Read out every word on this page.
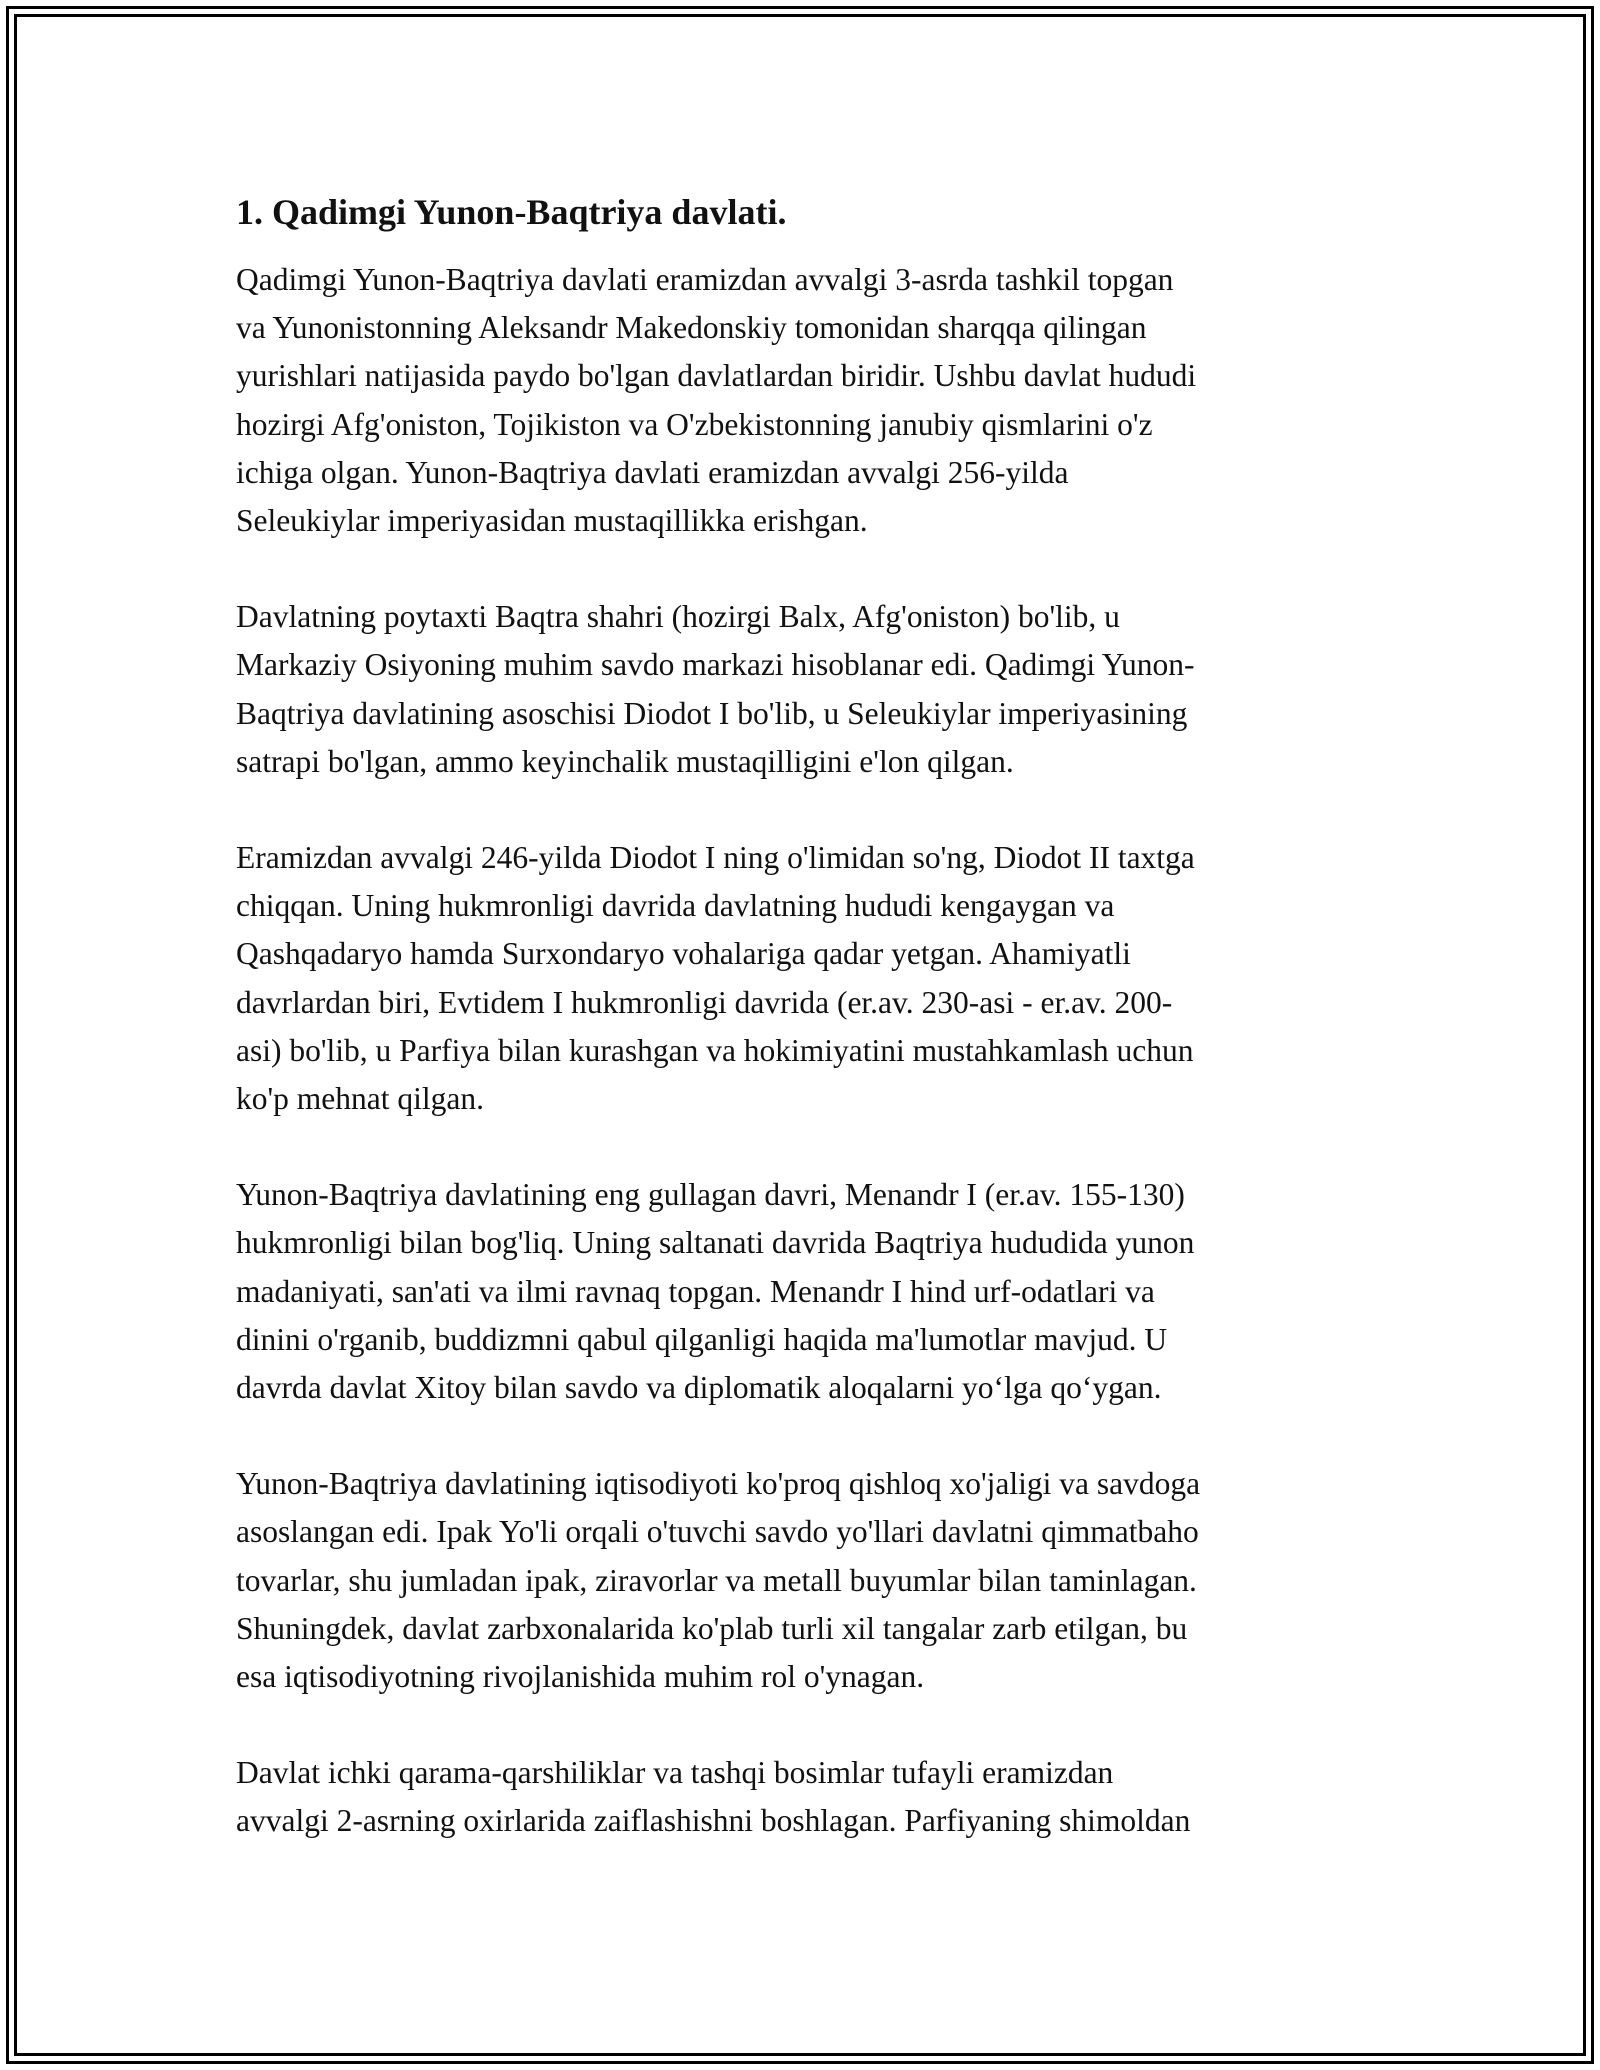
1. Qadimgi Yunon-Baqtriya davlati.
Qadimgi Yunon-Baqtriya davlati eramizdan avvalgi 3-asrda tashkil topgan
va Yunonistonning Aleksandr Makedonskiy tomonidan sharqqa qilingan
yurishlari natijasida paydo bo'lgan davlatlardan biridir. Ushbu davlat hududi
hozirgi Afg'oniston, Tojikiston va O'zbekistonning janubiy qismlarini o'z
ichiga olgan. Yunon-Baqtriya davlati eramizdan avvalgi 256-yilda
Seleukiylar imperiyasidan mustaqillikka erishgan.
Davlatning poytaxti Baqtra shahri (hozirgi Balx, Afg'oniston) bo'lib, u
Markaziy Osiyoning muhim savdo markazi hisoblanar edi. Qadimgi Yunon-
Baqtriya davlatining asoschisi Diodot I bo'lib, u Seleukiylar imperiyasining
satrapi bo'lgan, ammo keyinchalik mustaqilligini e'lon qilgan.
Eramizdan avvalgi 246-yilda Diodot I ning o'limidan so'ng, Diodot II taxtga
chiqqan. Uning hukmronligi davrida davlatning hududi kengaygan va
Qashqadaryo hamda Surxondaryo vohalariga qadar yetgan. Ahamiyatli
davrlardan biri, Evtidem I hukmronligi davrida (er.av. 230-asi - er.av. 200-
asi) bo'lib, u Parfiya bilan kurashgan va hokimiyatini mustahkamlash uchun
ko'p mehnat qilgan.
Yunon-Baqtriya davlatining eng gullagan davri, Menandr I (er.av. 155-130)
hukmronligi bilan bog'liq. Uning saltanati davrida Baqtriya hududida yunon
madaniyati, san'ati va ilmi ravnaq topgan. Menandr I hind urf-odatlari va
dinini o'rganib, buddizmni qabul qilganligi haqida ma'lumotlar mavjud. U
davrda davlat Xitoy bilan savdo va diplomatik aloqalarni yo‘lga qo‘ygan.
Yunon-Baqtriya davlatining iqtisodiyoti ko'proq qishloq xo'jaligi va savdoga
asoslangan edi. Ipak Yo'li orqali o'tuvchi savdo yo'llari davlatni qimmatbaho
tovarlar, shu jumladan ipak, ziravorlar va metall buyumlar bilan taminlagan.
Shuningdek, davlat zarbxonalarida ko'plab turli xil tangalar zarb etilgan, bu
esa iqtisodiyotning rivojlanishida muhim rol o'ynagan.
Davlat ichki qarama-qarshiliklar va tashqi bosimlar tufayli eramizdan
avvalgi 2-asrning oxirlarida zaiflashishni boshlagan. Parfiyaning shimoldan
